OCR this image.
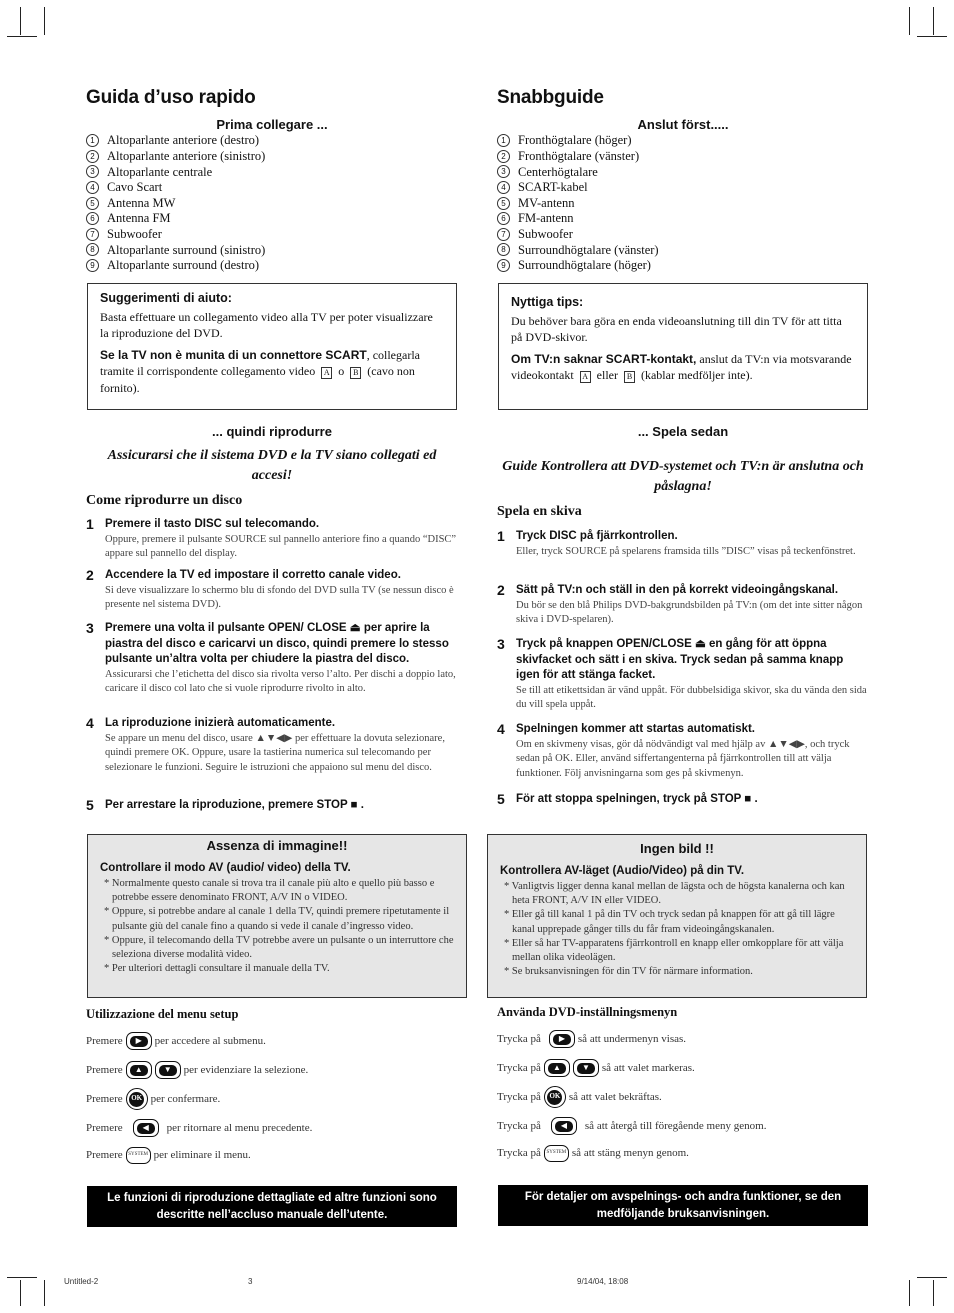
Guida d’uso rapido
Prima collegare ...
1 Altoparlante anteriore (destro)
2 Altoparlante anteriore (sinistro)
3 Altoparlante centrale
4 Cavo Scart
5 Antenna MW
6 Antenna FM
7 Subwoofer
8 Altoparlante surround (sinistro)
9 Altoparlante surround (destro)
Suggerimenti di aiuto:

Basta effettuare un collegamento video alla TV per poter visualizzare la riproduzione del DVD.

Se la TV non è munita di un connettore SCART, collegarla tramite il corrispondente collegamento video A o B (cavo non fornito).

... quindi riprodurre
Assicurarsi che il sistema DVD e la TV siano collegati ed accesi!
Come riprodurre un disco
1 Premere il tasto DISC sul telecomando.
Oppure, premere il pulsante SOURCE sul pannello anteriore fino a quando “DISC” appare sul pannello del display.
2 Accendere la TV ed impostare il corretto canale video.
Si deve visualizzare lo schermo blu di sfondo del DVD sulla TV (se nessun disco è presente nel sistema DVD).
3 Premere una volta il pulsante OPEN/ CLOSE ⏏ per aprire la piastra del disco e caricarvi un disco, quindi premere lo stesso pulsante un’altra volta per chiudere la piastra del disco.
Assicurarsi che l’etichetta del disco sia rivolta verso l’alto. Per dischi a doppio lato, caricare il disco col lato che si vuole riprodurre rivolto in alto.
4 La riproduzione inizierà automaticamente.
Se appare un menu del disco, usare ▲▼◀▶ per effettuare la dovuta selezionare, quindi premere OK. Oppure, usare la tastierina numerica sul telecomando per selezionare le funzioni. Seguire le istruzioni che appaiono sul menu del disco.
5 Per arrestare la riproduzione, premere STOP ■ .
Assenza di immagine!!
Controllare il modo AV (audio/ video) della TV.
* Normalmente questo canale si trova tra il canale più alto e quello più basso e potrebbe essere denominato FRONT, A/V IN o VIDEO.
* Oppure, si potrebbe andare al canale 1 della TV, quindi premere ripetutamente il pulsante giù del canale fino a quando si vede il canale d’ingresso video.
* Oppure, il telecomando della TV potrebbe avere un pulsante o un interruttore che seleziona diverse modalità video.
* Per ulteriori dettagli consultare il manuale della TV.
Utilizzazione del menu setup
Premere	▶	per accedere al submenu.
Premere	▲	▼	per evidenziare la selezione.
Premere OK per confermare.
Premere	◀	per ritornare al menu precedente.
Premere	SYSTEM per eliminare il menu.
Le funzioni di riproduzione dettagliate ed altre funzioni sono descritte nell’accluso manuale dell’utente.
Snabbguide
Anslut först.....
1 Fronthögtalare (höger)
2 Fronthögtalare (vänster)
3 Centerhögtalare
4 SCART-kabel
5 MV-antenn
6 FM-antenn
7 Subwoofer
8 Surroundhögtalare (vänster)
9 Surroundhögtalare (höger)
Nyttiga tips:

Du behöver bara göra en enda videoanslutning till din TV för att titta på DVD-skivor.

Om TV:n saknar SCART-kontakt, anslut da TV:n via motsvarande videokontakt A eller B (kablar medföljer inte).

... Spela sedan
Guide Kontrollera att DVD-systemet och TV:n är anslutna och påslagna!
Spela en skiva
1 Tryck DISC på fjärrkontrollen.
Eller, tryck SOURCE på spelarens framsida tills ”DISC” visas på teckenfönstret.
2 Sätt på TV:n och ställ in den på korrekt videoingångskanal.
Du bör se den blå Philips DVD-bakgrundsbilden på TV:n (om det inte sitter någon skiva i DVD-spelaren).
3 Tryck på knappen OPEN/CLOSE ⏏ en gång för att öppna skivfacket och sätt i en skiva. Tryck sedan på samma knapp igen för att stänga facket.
Se till att etikettsidan är vänd uppåt. För dubbelsidiga skivor, ska du vända den sida du vill spela uppåt.
4 Spelningen kommer att startas automatiskt.
Om en skivmeny visas, gör då nödvändigt val med hjälp av ▲▼◀▶, och tryck sedan på OK. Eller, använd siffertangenterna på fjärrkontrollen till att välja funktioner. Följ anvisningarna som ges på skivmenyn.
5 För att stoppa spelningen, tryck på STOP ■ .
Ingen bild !!
Kontrollera AV-läget (Audio/Video) på din TV.
* Vanligtvis ligger denna kanal mellan de lägsta och de högsta kanalerna och kan heta FRONT, A/V IN eller VIDEO.
* Eller gå till kanal 1 på din TV och tryck sedan på knappen för att gå till lägre kanal upprepade gånger tills du får fram videoingångskanalen.
* Eller så har TV-apparatens fjärrkontroll en knapp eller omkopplare för att välja mellan olika videolägen.
* Se bruksanvisningen för din TV för närmare information.
Använda DVD-inställningsmenyn
Trycka på	▶	så att undermenyn visas.
Trycka på	▲	▼	så att valet markeras.
Trycka på OK så att valet bekräftas.
Trycka på	◀	så att återgå till föregående meny genom.
Trycka på	SYSTEM så att stäng menyn genom.
För detaljer om avspelnings- och andra funktioner, se den medföljande bruksanvisningen.
Untitled-2	3	9/14/04, 18:08
